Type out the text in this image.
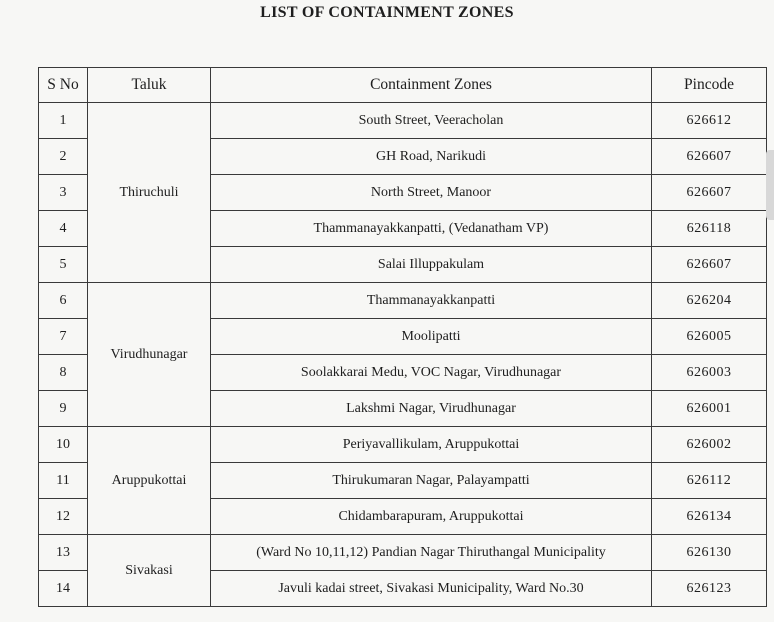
LIST OF CONTAINMENT ZONES
S No	Taluk	Containment Zones	Pincode
1	Thiruchuli	South Street, Veeracholan	626612
2		GH Road, Narikudi	626607
3		North Street, Manoor	626607
4		Thammanayakkanpatti, (Vedanatham VP)	626118
5		Salai Illuppakulam	626607
6	Virudhunagar	Thammanayakkanpatti	626204
7		Moolipatti	626005
8		Soolakkarai Medu, VOC Nagar, Virudhunagar	626003
9		Lakshmi Nagar, Virudhunagar	626001
10	Aruppukottai	Periyavallikulam, Aruppukottai	626002
11		Thirukumaran Nagar, Palayampatti	626112
12		Chidambarapuram, Aruppukottai	626134
13	Sivakasi	(Ward No 10,11,12) Pandian Nagar Thiruthangal Municipality	626130
14		Javuli kadai street, Sivakasi Municipality, Ward No.30	626123
